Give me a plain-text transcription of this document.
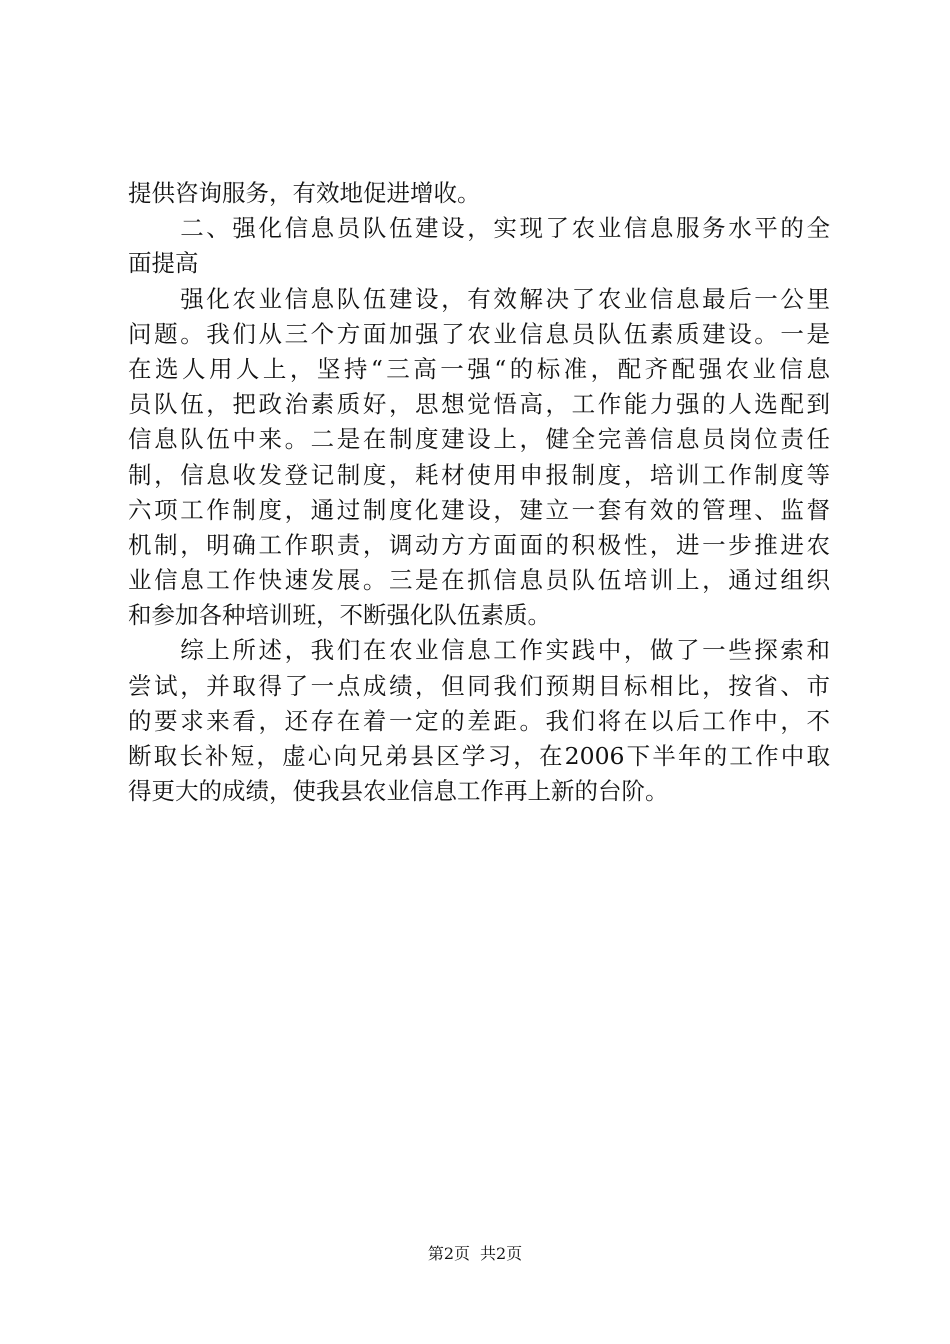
提供咨询服务，有效地促进增收。
　　二、强化信息员队伍建设，实现了农业信息服务水平的全
面提高
　　强化农业信息队伍建设，有效解决了农业信息最后一公里
问题。我们从三个方面加强了农业信息员队伍素质建设。一是
在选人用人上，坚持“三高一强“的标准，配齐配强农业信息
员队伍，把政治素质好，思想觉悟高，工作能力强的人选配到
信息队伍中来。二是在制度建设上，健全完善信息员岗位责任
制，信息收发登记制度，耗材使用申报制度，培训工作制度等
六项工作制度，通过制度化建设，建立一套有效的管理、监督
机制，明确工作职责，调动方方面面的积极性，进一步推进农
业信息工作快速发展。三是在抓信息员队伍培训上，通过组织
和参加各种培训班，不断强化队伍素质。
　　综上所述，我们在农业信息工作实践中，做了一些探索和
尝试，并取得了一点成绩，但同我们预期目标相比，按省、市
的要求来看，还存在着一定的差距。我们将在以后工作中，不
断取长补短，虚心向兄弟县区学习，在2006下半年的工作中取
得更大的成绩，使我县农业信息工作再上新的台阶。
第2页 共2页
